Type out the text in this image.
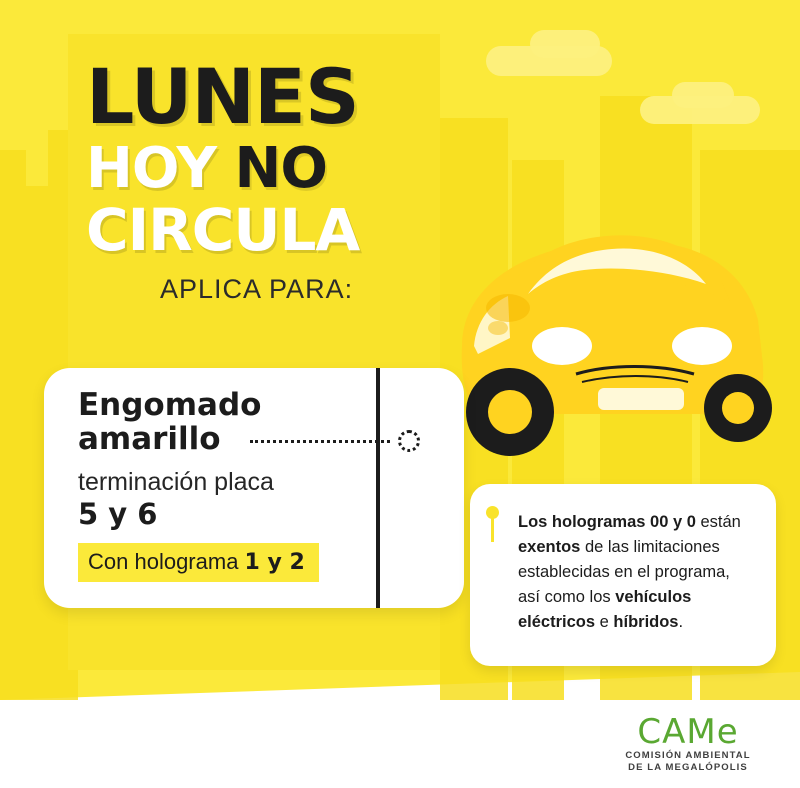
LUNES
HOY NO
CIRCULA
APLICA PARA:
Engomado
amarillo
terminación placa
5 y 6
Con holograma 1 y 2
Los hologramas 00 y 0 están exentos de las limitaciones establecidas en el programa, así como los vehículos eléctricos e híbridos.
CAMe
COMISIÓN AMBIENTAL
DE LA MEGALÓPOLIS
